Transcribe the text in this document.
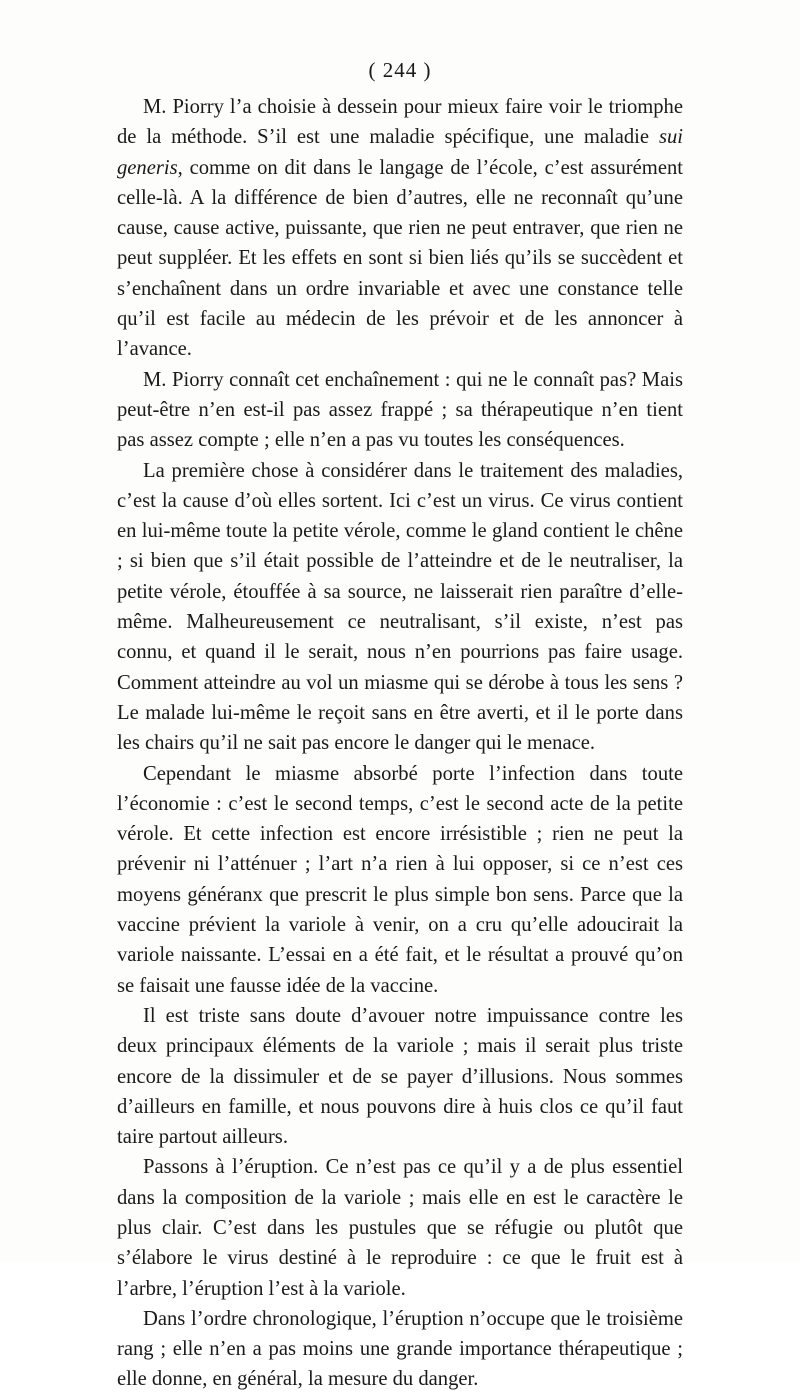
( 244 )

M. Piorry l’a choisie à dessein pour mieux faire voir le triomphe de la méthode. S’il est une maladie spécifique, une maladie sui generis, comme on dit dans le langage de l’école, c’est assurément celle-là. A la différence de bien d’autres, elle ne reconnaît qu’une cause, cause active, puissante, que rien ne peut entraver, que rien ne peut suppléer. Et les effets en sont si bien liés qu’ils se succèdent et s’enchaînent dans un ordre invariable et avec une constance telle qu’il est facile au médecin de les prévoir et de les annoncer à l’avance.

M. Piorry connaît cet enchaînement : qui ne le connaît pas? Mais peut-être n’en est-il pas assez frappé ; sa thérapeutique n’en tient pas assez compte ; elle n’en a pas vu toutes les conséquences.

La première chose à considérer dans le traitement des maladies, c’est la cause d’où elles sortent. Ici c’est un virus. Ce virus contient en lui-même toute la petite vérole, comme le gland contient le chêne ; si bien que s’il était possible de l’atteindre et de le neutraliser, la petite vérole, étouffée à sa source, ne laisserait rien paraître d’elle-même. Malheureusement ce neutralisant, s’il existe, n’est pas connu, et quand il le serait, nous n’en pourrions pas faire usage. Comment atteindre au vol un miasme qui se dérobe à tous les sens ? Le malade lui-même le reçoit sans en être averti, et il le porte dans les chairs qu’il ne sait pas encore le danger qui le menace.

Cependant le miasme absorbé porte l’infection dans toute l’économie : c’est le second temps, c’est le second acte de la petite vérole. Et cette infection est encore irrésistible ; rien ne peut la prévenir ni l’atténuer ; l’art n’a rien à lui opposer, si ce n’est ces moyens généranx que prescrit le plus simple bon sens. Parce que la vaccine prévient la variole à venir, on a cru qu’elle adoucirait la variole naissante. L’essai en a été fait, et le résultat a prouvé qu’on se faisait une fausse idée de la vaccine.

Il est triste sans doute d’avouer notre impuissance contre les deux principaux éléments de la variole ; mais il serait plus triste encore de la dissimuler et de se payer d’illusions. Nous sommes d’ailleurs en famille, et nous pouvons dire à huis clos ce qu’il faut taire partout ailleurs.

Passons à l’éruption. Ce n’est pas ce qu’il y a de plus essentiel dans la composition de la variole ; mais elle en est le caractère le plus clair. C’est dans les pustules que se réfugie ou plutôt que s’élabore le virus destiné à le reproduire : ce que le fruit est à l’arbre, l’éruption l’est à la variole.

Dans l’ordre chronologique, l’éruption n’occupe que le troisième rang ; elle n’en a pas moins une grande importance thérapeutique ; elle donne, en général, la mesure du danger.
